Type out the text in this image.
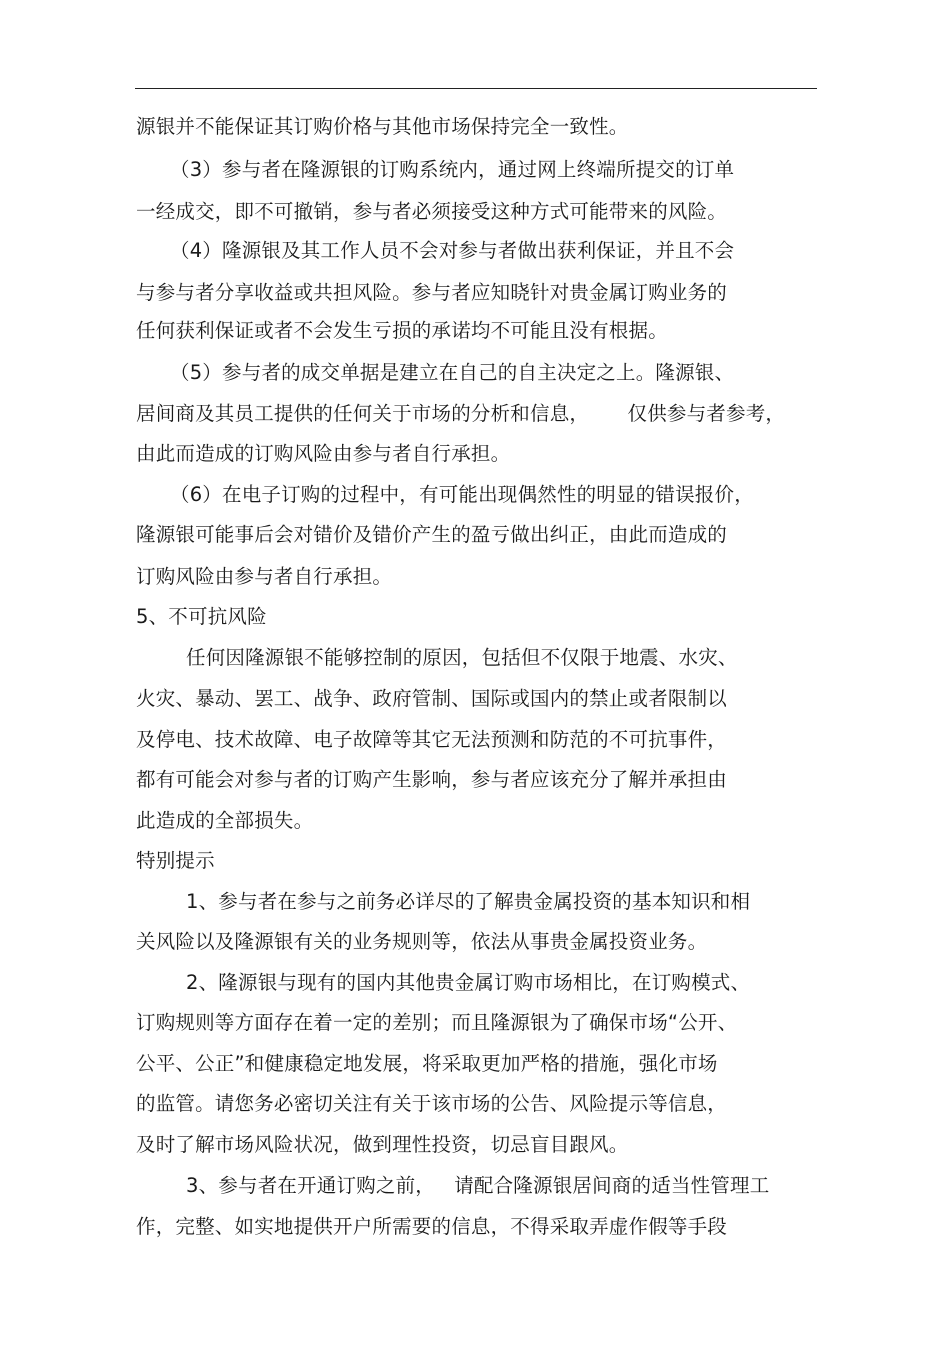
源银并不能保证其订购价格与其他市场保持完全一致性。
（3）参与者在隆源银的订购系统内，通过网上终端所提交的订单
一经成交，即不可撤销，参与者必须接受这种方式可能带来的风险。
（4）隆源银及其工作人员不会对参与者做出获利保证，并且不会
与参与者分享收益或共担风险。参与者应知晓针对贵金属订购业务的
任何获利保证或者不会发生亏损的承诺均不可能且没有根据。
（5）参与者的成交单据是建立在自己的自主决定之上。隆源银、
居间商及其员工提供的任何关于市场的分析和信息，      仅供参与者参考，
由此而造成的订购风险由参与者自行承担。
（6）在电子订购的过程中，有可能出现偶然性的明显的错误报价，
隆源银可能事后会对错价及错价产生的盈亏做出纠正，由此而造成的
订购风险由参与者自行承担。
5、不可抗风险
任何因隆源银不能够控制的原因，包括但不仅限于地震、水灾、
火灾、暴动、罢工、战争、政府管制、国际或国内的禁止或者限制以
及停电、技术故障、电子故障等其它无法预测和防范的不可抗事件，
都有可能会对参与者的订购产生影响，参与者应该充分了解并承担由
此造成的全部损失。
特别提示
1、参与者在参与之前务必详尽的了解贵金属投资的基本知识和相
关风险以及隆源银有关的业务规则等，依法从事贵金属投资业务。
2、隆源银与现有的国内其他贵金属订购市场相比，在订购模式、
订购规则等方面存在着一定的差别；而且隆源银为了确保市场“公开、
公平、公正”和健康稳定地发展，将采取更加严格的措施，强化市场
的监管。请您务必密切关注有关于该市场的公告、风险提示等信息，
及时了解市场风险状况，做到理性投资，切忌盲目跟风。
3、参与者在开通订购之前，   请配合隆源银居间商的适当性管理工
作，完整、如实地提供开户所需要的信息，不得采取弄虚作假等手段
